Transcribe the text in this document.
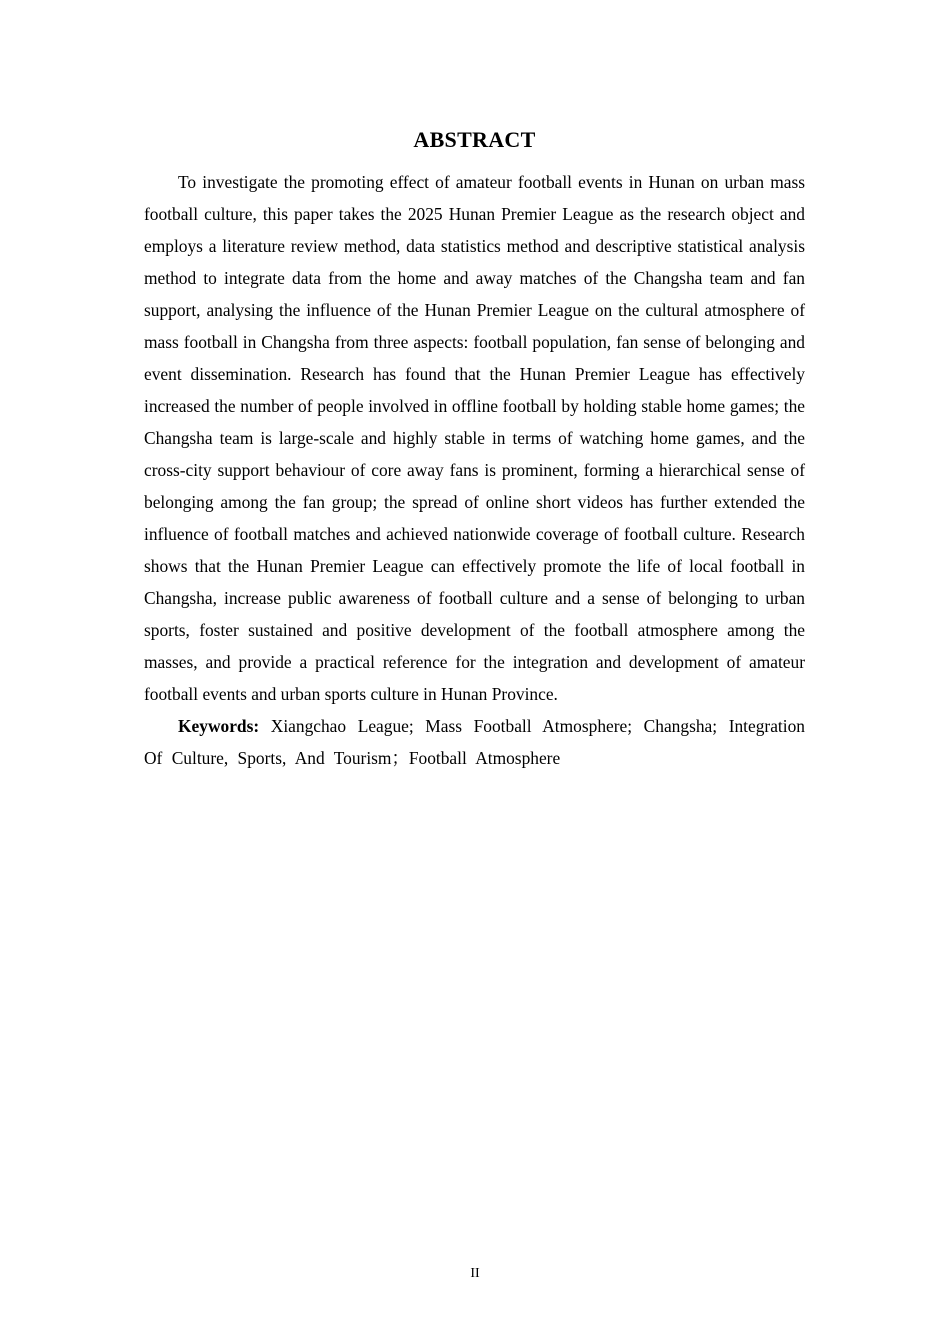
ABSTRACT

To investigate the promoting effect of amateur football events in Hunan on urban mass football culture, this paper takes the 2025 Hunan Premier League as the research object and employs a literature review method, data statistics method and descriptive statistical analysis method to integrate data from the home and away matches of the Changsha team and fan support, analysing the influence of the Hunan Premier League on the cultural atmosphere of mass football in Changsha from three aspects: football population, fan sense of belonging and event dissemination. Research has found that the Hunan Premier League has effectively increased the number of people involved in offline football by holding stable home games; the Changsha team is large-scale and highly stable in terms of watching home games, and the cross-city support behaviour of core away fans is prominent, forming a hierarchical sense of belonging among the fan group; the spread of online short videos has further extended the influence of football matches and achieved nationwide coverage of football culture. Research shows that the Hunan Premier League can effectively promote the life of local football in Changsha, increase public awareness of football culture and a sense of belonging to urban sports, foster sustained and positive development of the football atmosphere among the masses, and provide a practical reference for the integration and development of amateur football events and urban sports culture in Hunan Province.

Keywords: Xiangchao League; Mass Football Atmosphere; Changsha; Integration Of Culture, Sports, And Tourism；Football Atmosphere

II
